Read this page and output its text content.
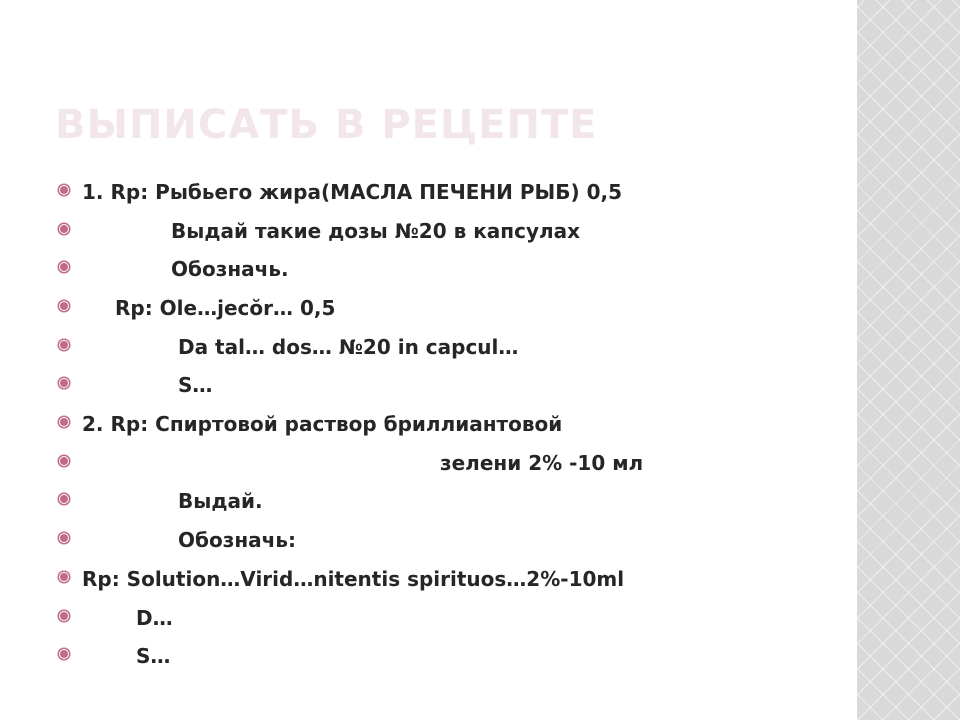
ВЫПИСАТЬ В РЕЦЕПТЕ
1. Rp: Рыбьего жира(МАСЛА ПЕЧЕНИ РЫБ) 0,5
Выдай такие дозы №20 в капсулах
Обозначь.
Rp: Ole…jecŏr… 0,5
Da tal… dos… №20 in capcul…
S…
2. Rp: Спиртовой раствор бриллиантовой
зелени 2% -10 мл
Выдай.
Обозначь:
Rp: Solution…Virid…nitentis spirituos…2%-10ml
D…
S…
